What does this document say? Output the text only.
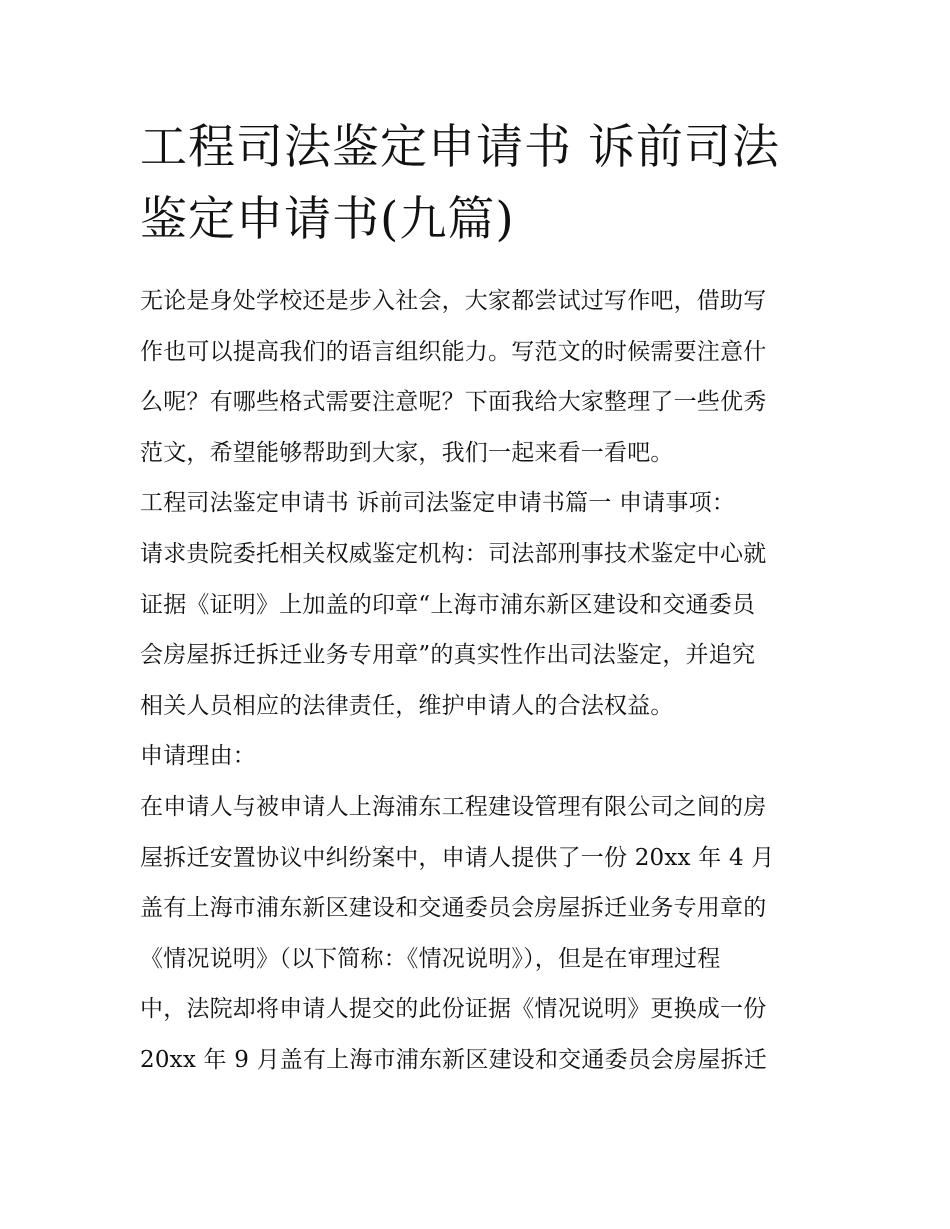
工程司法鉴定申请书 诉前司法
鉴定申请书(九篇)
无论是身处学校还是步入社会，大家都尝试过写作吧，借助写
作也可以提高我们的语言组织能力。写范文的时候需要注意什
么呢？有哪些格式需要注意呢？下面我给大家整理了一些优秀
范文，希望能够帮助到大家，我们一起来看一看吧。
工程司法鉴定申请书 诉前司法鉴定申请书篇一 申请事项：
请求贵院委托相关权威鉴定机构：司法部刑事技术鉴定中心就
证据《证明》上加盖的印章“上海市浦东新区建设和交通委员
会房屋拆迁拆迁业务专用章”的真实性作出司法鉴定，并追究
相关人员相应的法律责任，维护申请人的合法权益。
申请理由：
在申请人与被申请人上海浦东工程建设管理有限公司之间的房
屋拆迁安置协议中纠纷案中，申请人提供了一份 20xx 年 4 月
盖有上海市浦东新区建设和交通委员会房屋拆迁业务专用章的
《情况说明》（以下简称：《情况说明》），但是在审理过程
中，法院却将申请人提交的此份证据《情况说明》更换成一份
20xx 年 9 月盖有上海市浦东新区建设和交通委员会房屋拆迁
